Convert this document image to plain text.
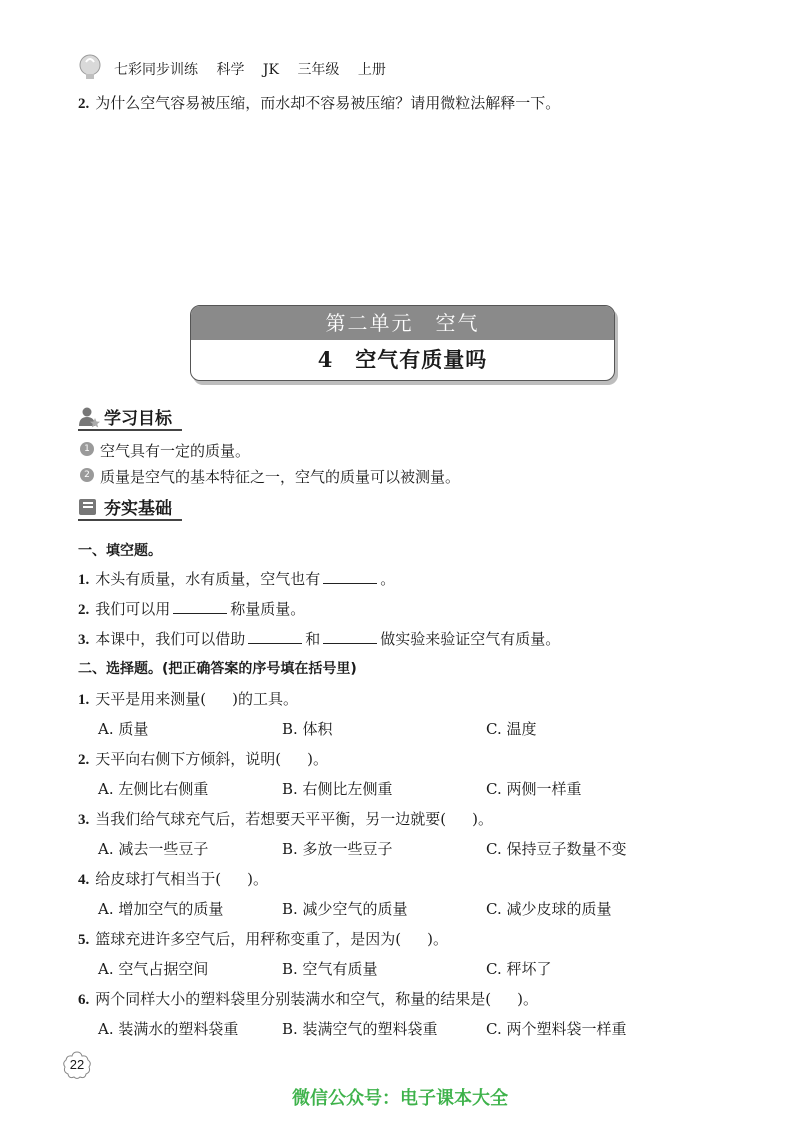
七彩同步训练 科学 JK 三年级 上册
2. 为什么空气容易被压缩，而水却不容易被压缩？请用微粒法解释一下。
第二单元　空气
4　空气有质量吗
学习目标
1 空气具有一定的质量。
2 质量是空气的基本特征之一，空气的质量可以被测量。
夯实基础
一、填空题。
1. 木头有质量，水有质量，空气也有	。
2. 我们可以用	称量质量。
3. 本课中，我们可以借助	和	做实验来验证空气有质量。
二、选择题。(把正确答案的序号填在括号里)
1. 天平是用来测量( )的工具。
A. 质量	B. 体积	C. 温度
2. 天平向右侧下方倾斜，说明( )。
A. 左侧比右侧重	B. 右侧比左侧重	C. 两侧一样重
3. 当我们给气球充气后，若想要天平平衡，另一边就要( )。
A. 减去一些豆子	B. 多放一些豆子	C. 保持豆子数量不变
4. 给皮球打气相当于( )。
A. 增加空气的质量	B. 减少空气的质量	C. 减少皮球的质量
5. 篮球充进许多空气后，用秤称变重了，是因为( )。
A. 空气占据空间	B. 空气有质量	C. 秤坏了
6. 两个同样大小的塑料袋里分别装满水和空气，称量的结果是( )。
A. 装满水的塑料袋重	B. 装满空气的塑料袋重	C. 两个塑料袋一样重
22
微信公众号：电子课本大全
